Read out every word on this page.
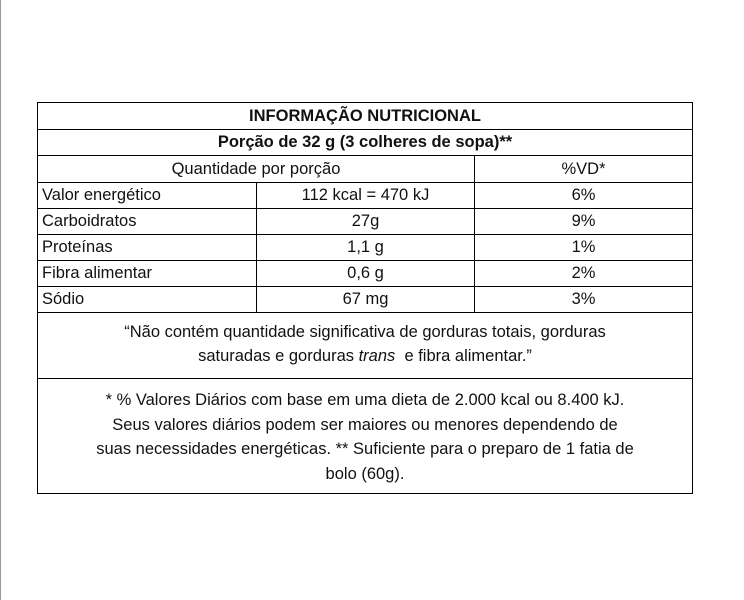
INFORMAÇÃO NUTRICIONAL
Porção de 32 g (3 colheres de sopa)**
Quantidade por porção	%VD*
Valor energético	112 kcal = 470 kJ	6%
Carboidratos	27g	9%
Proteínas	1,1 g	1%
Fibra alimentar	0,6 g	2%
Sódio	67 mg	3%
“Não contém quantidade significativa de gorduras totais, gorduras
saturadas e gorduras trans  e fibra alimentar.”
* % Valores Diários com base em uma dieta de 2.000 kcal ou 8.400 kJ.
Seus valores diários podem ser maiores ou menores dependendo de
suas necessidades energéticas. ** Suficiente para o preparo de 1 fatia de
bolo (60g).
